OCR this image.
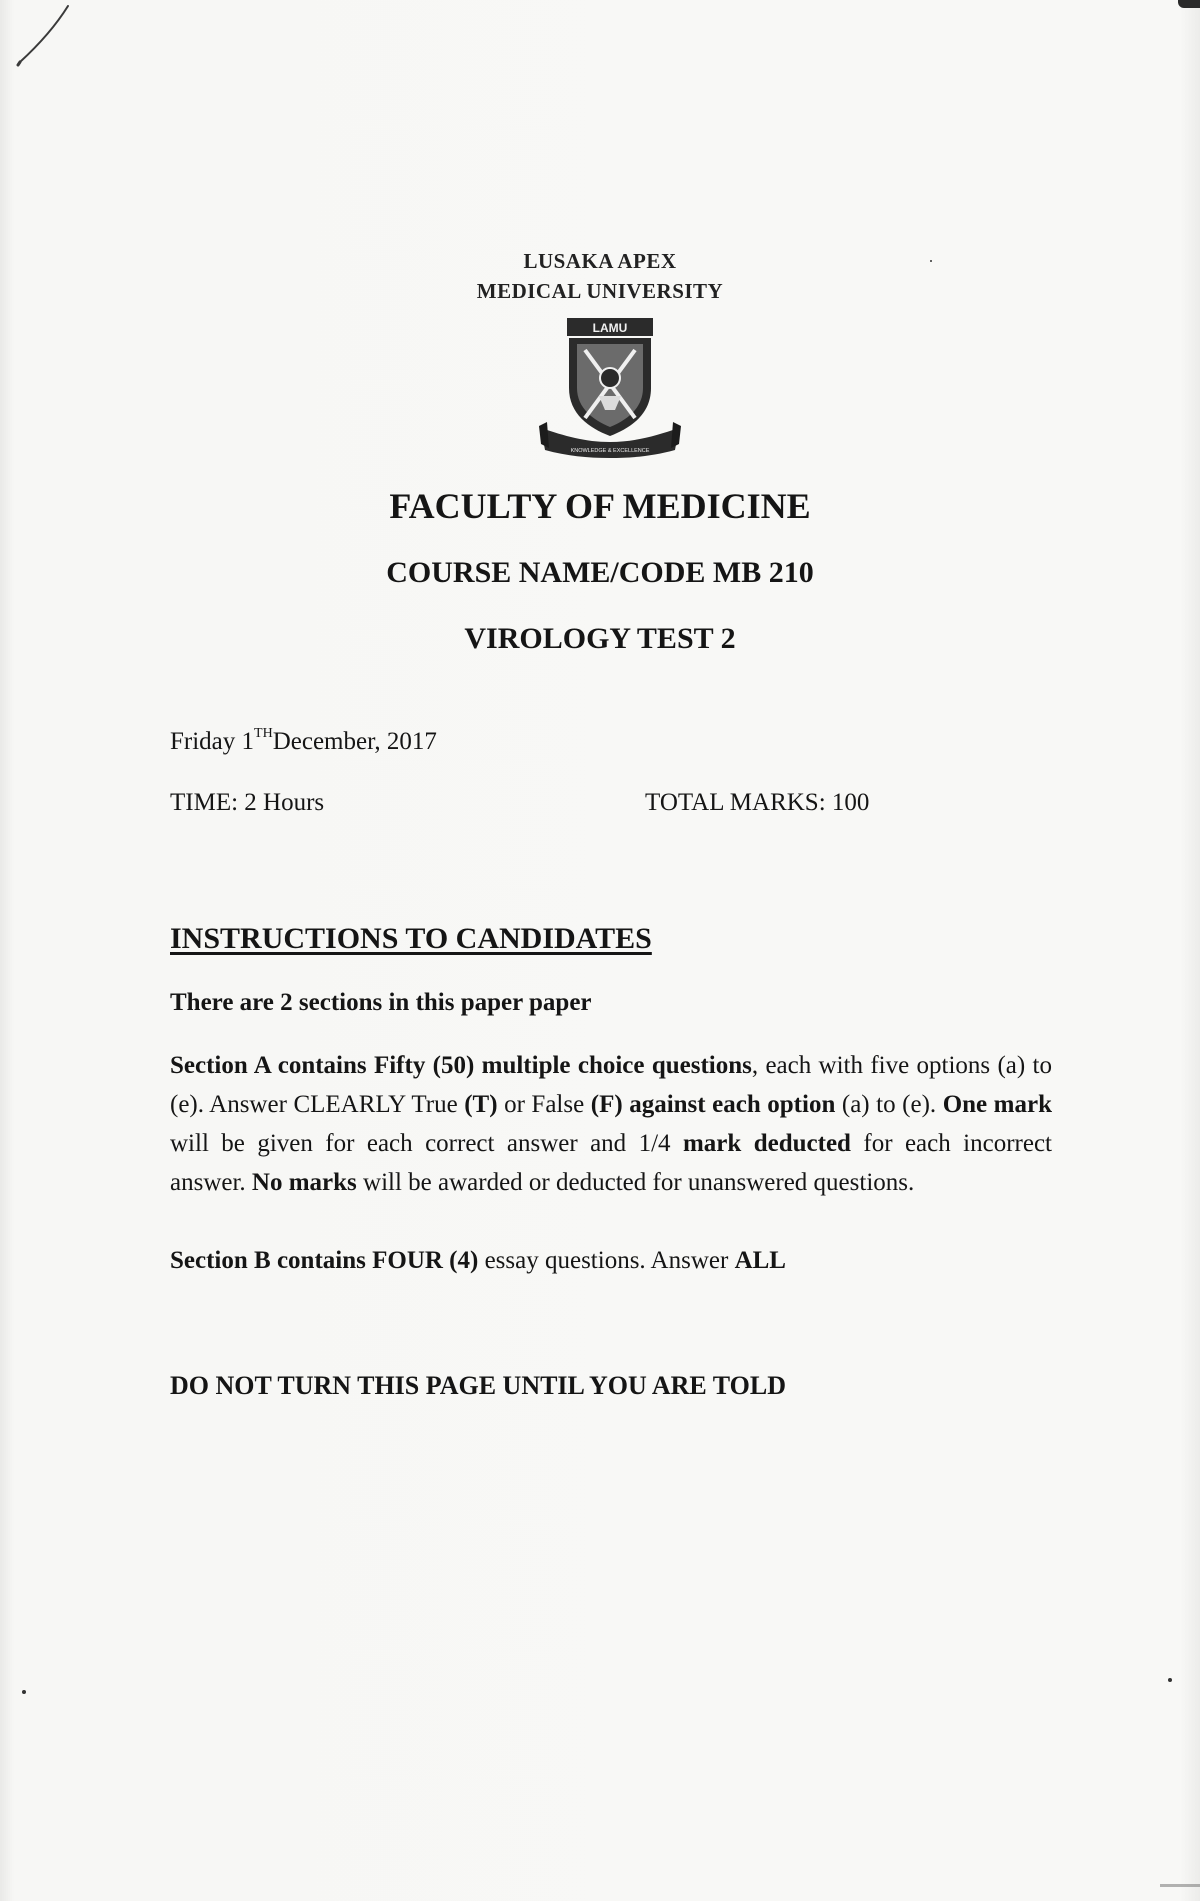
LUSAKA APEX
MEDICAL UNIVERSITY
LAMU
KNOWLEDGE & EXCELLENCE
FACULTY OF MEDICINE
COURSE NAME/CODE MB 210
VIROLOGY TEST 2
Friday 1THDecember, 2017
TIME: 2 Hours	TOTAL MARKS: 100
INSTRUCTIONS TO CANDIDATES
There are 2 sections in this paper paper
Section A contains Fifty (50) multiple choice questions, each with five options (a) to (e). Answer CLEARLY True (T) or False (F) against each option (a) to (e). One mark will be given for each correct answer and 1/4 mark deducted for each incorrect answer. No marks will be awarded or deducted for unanswered questions.
Section B contains FOUR (4) essay questions. Answer ALL
DO NOT TURN THIS PAGE UNTIL YOU ARE TOLD
